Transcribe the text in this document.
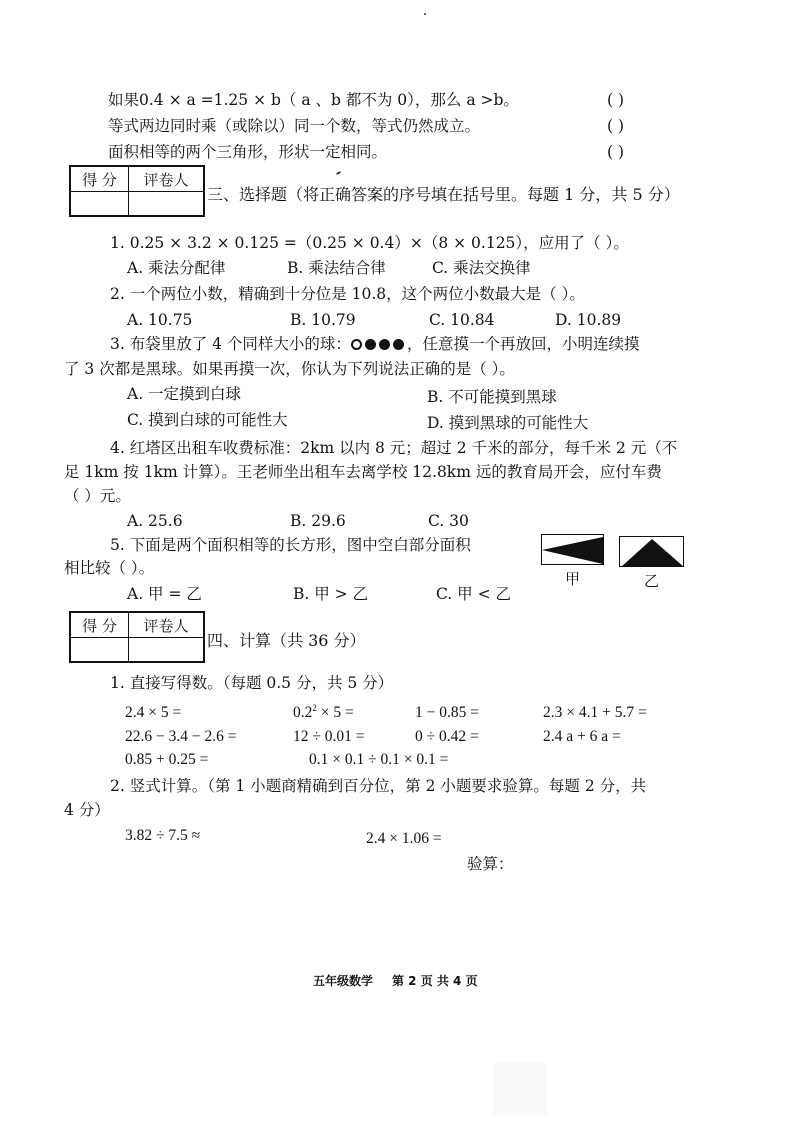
如果0.4 × a =1.25 × b（ a 、b 都不为 0），那么 a >b。	( )
等式两边同时乘（或除以）同一个数，等式仍然成立。	( )
面积相等的两个三角形，形状一定相同。	( )
得 分	评卷人
三、选择题（将正确答案的序号填在括号里。每题 1 分，共 5 分）
1. 0.25 × 3.2 × 0.125 =（0.25 × 0.4）×（8 × 0.125），应用了（ ）。
A. 乘法分配律	B. 乘法结合律	C. 乘法交换律
2. 一个两位小数，精确到十分位是 10.8，这个两位小数最大是（ ）。
A. 10.75	B. 10.79	C. 10.84	D. 10.89
3. 布袋里放了 4 个同样大小的球：	，任意摸一个再放回，小明连续摸
了 3 次都是黑球。如果再摸一次，你认为下列说法正确的是（ ）。
A. 一定摸到白球	B. 不可能摸到黑球
C. 摸到白球的可能性大	D. 摸到黑球的可能性大
4. 红塔区出租车收费标准：2km 以内 8 元；超过 2 千米的部分，每千米 2 元（不
足 1km 按 1km 计算）。王老师坐出租车去离学校 12.8km 远的教育局开会，应付车费
（ ）元。
A. 25.6	B. 29.6	C. 30
5. 下面是两个面积相等的长方形，图中空白部分面积
相比较（ ）。
A. 甲 = 乙	B. 甲 > 乙	C. 甲 < 乙
甲	乙
得 分	评卷人
四、计算（共 36 分）
1. 直接写得数。（每题 0.5 分，共 5 分）
2.4 × 5 =	$0.2^2 \times 5$ =	1 − 0.85 =	2.3 × 4.1 + 5.7 =
22.6 − 3.4 − 2.6 =	12 ÷ 0.01 =	0 ÷ 0.42 =	2.4 a + 6 a =
0.85 + 0.25 =	0.1 × 0.1 ÷ 0.1 × 0.1 =
2. 竖式计算。（第 1 小题商精确到百分位，第 2 小题要求验算。每题 2 分，共
4 分）
3.82 ÷ 7.5 ≈	2.4 × 1.06 =
验算：
五年级数学 第 2 页 共 4 页
